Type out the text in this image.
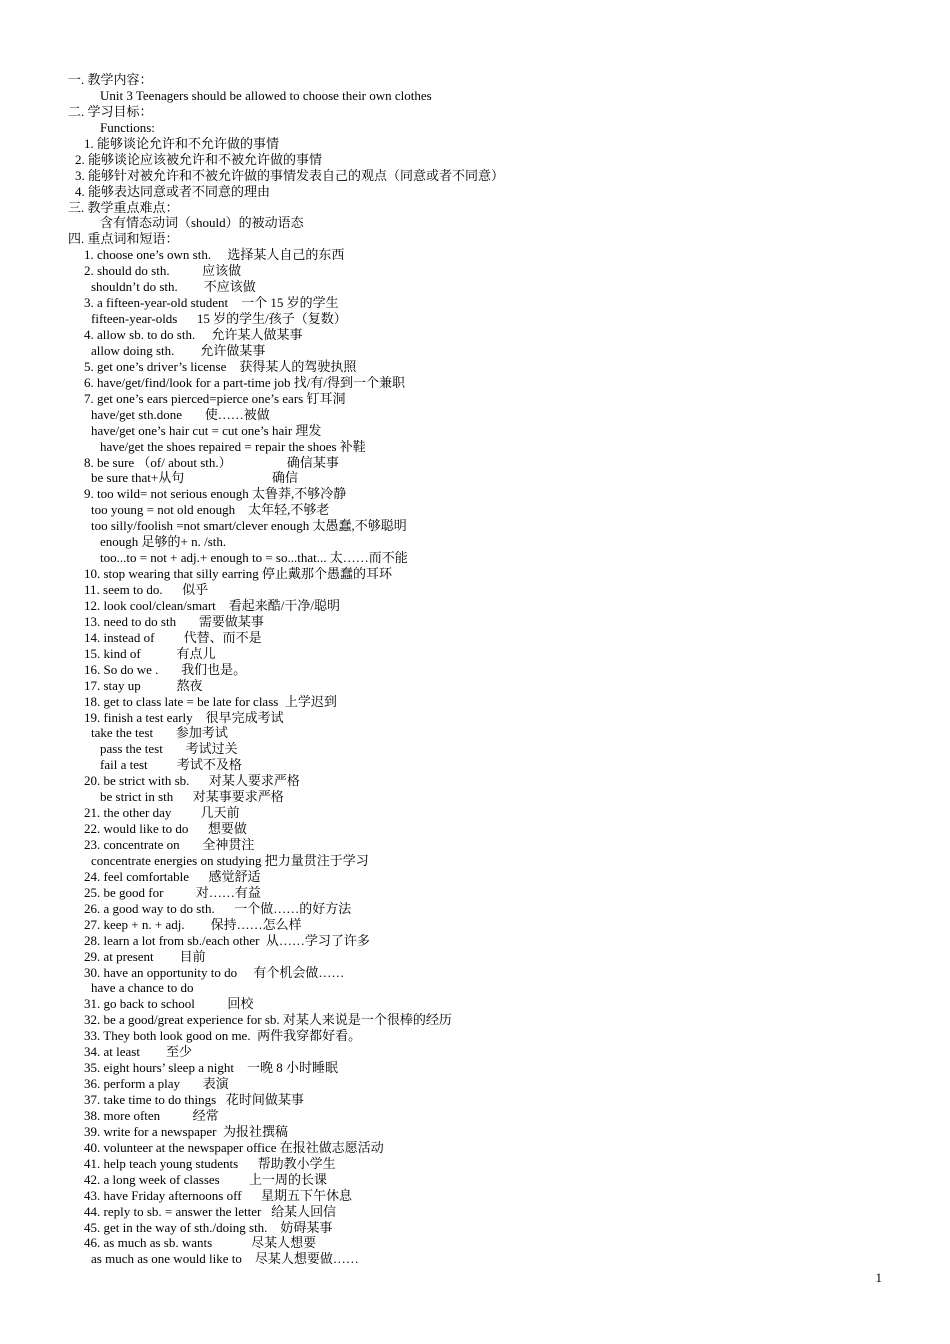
一. 教学内容：
Unit 3 Teenagers should be allowed to choose their own clothes
二. 学习目标：
Functions:
1. 能够谈论允许和不允许做的事情
2. 能够谈论应该被允许和不被允许做的事情
3. 能够针对被允许和不被允许做的事情发表自己的观点（同意或者不同意）
4. 能够表达同意或者不同意的理由
三. 教学重点难点：
含有情态动词（should）的被动语态
四. 重点词和短语：
1. choose one’s own sth.     选择某人自己的东西
2. should do sth.          应该做
shouldn’t do sth.        不应该做
3. a fifteen-year-old student    一个 15 岁的学生
fifteen-year-olds      15 岁的学生/孩子（复数）
4. allow sb. to do sth.     允许某人做某事
allow doing sth.        允许做某事
5. get one’s driver’s license    获得某人的驾驶执照
6. have/get/find/look for a part-time job 找/有/得到一个兼职
7. get one’s ears pierced=pierce one’s ears 钉耳洞
have/get sth.done       使……被做
have/get one’s hair cut = cut one’s hair 理发
have/get the shoes repaired = repair the shoes 补鞋
8. be sure （of/ about sth.）                 确信某事
be sure that+从句                           确信
9. too wild= not serious enough 太鲁莽,不够冷静
too young = not old enough    太年轻,不够老
too silly/foolish =not smart/clever enough 太愚蠢,不够聪明
enough 足够的+ n. /sth.
too...to = not + adj.+ enough to = so...that... 太……而不能
10. stop wearing that silly earring 停止戴那个愚蠢的耳环
11. seem to do.      似乎
12. look cool/clean/smart    看起来酷/干净/聪明
13. need to do sth       需要做某事
14. instead of         代替、而不是
15. kind of           有点儿
16. So do we .       我们也是。
17. stay up           熬夜
18. get to class late = be late for class  上学迟到
19. finish a test early    很早完成考试
take the test       参加考试
pass the test       考试过关
fail a test         考试不及格
20. be strict with sb.      对某人要求严格
be strict in sth      对某事要求严格
21. the other day         几天前
22. would like to do      想要做
23. concentrate on       全神贯注
concentrate energies on studying 把力量贯注于学习
24. feel comfortable      感觉舒适
25. be good for          对……有益
26. a good way to do sth.      一个做……的好方法
27. keep + n. + adj.        保持……怎么样
28. learn a lot from sb./each other  从……学习了许多
29. at present        目前
30. have an opportunity to do     有个机会做……
have a chance to do
31. go back to school          回校
32. be a good/great experience for sb. 对某人来说是一个很棒的经历
33. They both look good on me.  两件我穿都好看。
34. at least        至少
35. eight hours’ sleep a night    一晚 8 小时睡眠
36. perform a play       表演
37. take time to do things   花时间做某事
38. more often          经常
39. write for a newspaper  为报社撰稿
40. volunteer at the newspaper office 在报社做志愿活动
41. help teach young students      帮助教小学生
42. a long week of classes         上一周的长课
43. have Friday afternoons off      星期五下午休息
44. reply to sb. = answer the letter   给某人回信
45. get in the way of sth./doing sth.    妨碍某事
46. as much as sb. wants            尽某人想要
as much as one would like to    尽某人想要做……
1
